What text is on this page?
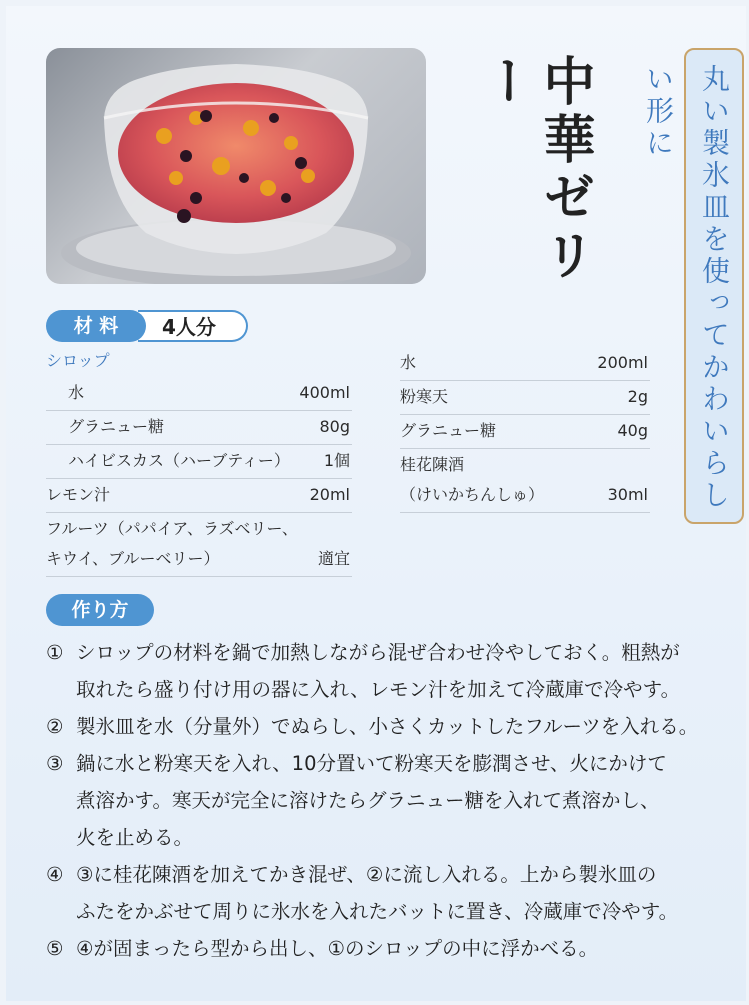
中華ゼリー	丸い製氷皿を使ってかわいらしい形に
4人分
材 料
シロップ
水	400ml
グラニュー糖	80g
ハイビスカス（ハーブティー） 1個
レモン汁	20ml
フルーツ（パパイア、ラズベリー、
キウイ、ブルーベリー）	適宜
水	200ml
粉寒天	2g
グラニュー糖	40g
桂花陳酒
（けいかちんしゅ）	30ml
作り方
① シロップの材料を鍋で加熱しながら混ぜ合わせ冷やしておく。粗熱が
取れたら盛り付け用の器に入れ、レモン汁を加えて冷蔵庫で冷やす。
② 製氷皿を水（分量外）でぬらし、小さくカットしたフルーツを入れる。
③ 鍋に水と粉寒天を入れ、10分置いて粉寒天を膨潤させ、火にかけて
煮溶かす。寒天が完全に溶けたらグラニュー糖を入れて煮溶かし、
火を止める。
④ ③に桂花陳酒を加えてかき混ぜ、②に流し入れる。上から製氷皿の
ふたをかぶせて周りに氷水を入れたバットに置き、冷蔵庫で冷やす。
⑤ ④が固まったら型から出し、①のシロップの中に浮かべる。
